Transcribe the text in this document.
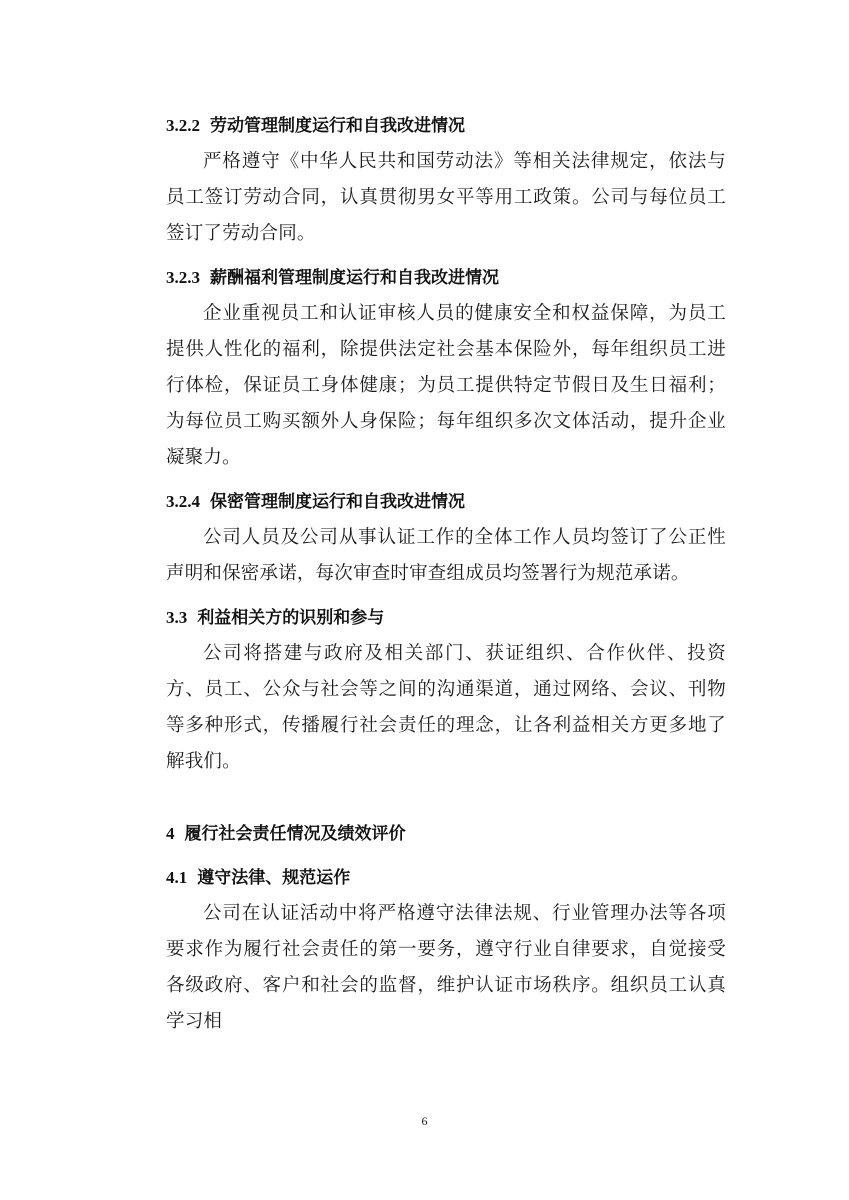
3.2.2 劳动管理制度运行和自我改进情况

严格遵守《中华人民共和国劳动法》等相关法律规定，依法与员工签订劳动合同，认真贯彻男女平等用工政策。公司与每位员工签订了劳动合同。

3.2.3 薪酬福利管理制度运行和自我改进情况

企业重视员工和认证审核人员的健康安全和权益保障，为员工提供人性化的福利，除提供法定社会基本保险外，每年组织员工进行体检，保证员工身体健康；为员工提供特定节假日及生日福利；为每位员工购买额外人身保险；每年组织多次文体活动，提升企业凝聚力。

3.2.4 保密管理制度运行和自我改进情况

公司人员及公司从事认证工作的全体工作人员均签订了公正性声明和保密承诺，每次审查时审查组成员均签署行为规范承诺。

3.3 利益相关方的识别和参与

公司将搭建与政府及相关部门、获证组织、合作伙伴、投资方、员工、公众与社会等之间的沟通渠道，通过网络、会议、刊物等多种形式，传播履行社会责任的理念，让各利益相关方更多地了解我们。

4 履行社会责任情况及绩效评价
4.1 遵守法律、规范运作

公司在认证活动中将严格遵守法律法规、行业管理办法等各项要求作为履行社会责任的第一要务，遵守行业自律要求，自觉接受各级政府、客户和社会的监督，维护认证市场秩序。组织员工认真学习相

6
